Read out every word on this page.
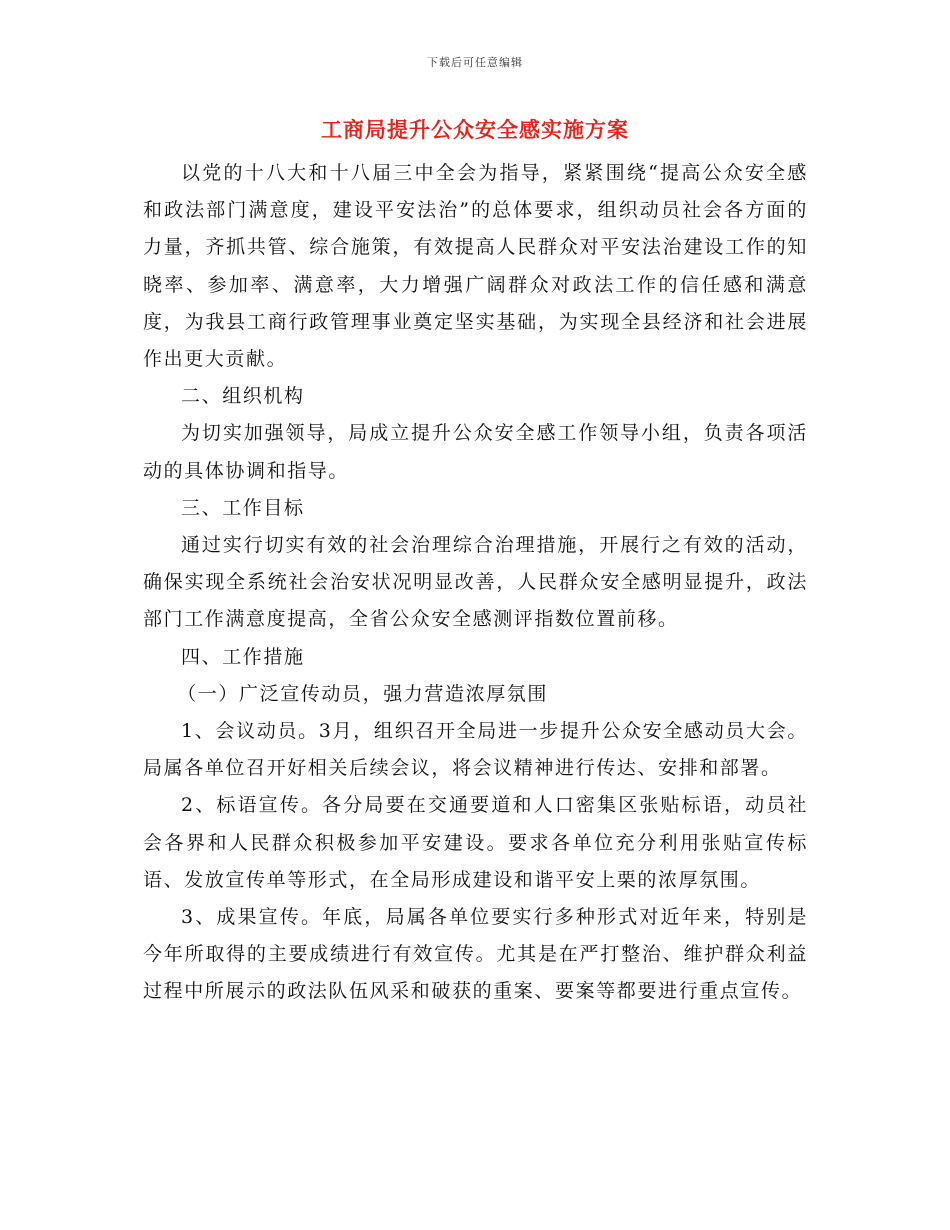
下载后可任意编辑
工商局提升公众安全感实施方案

以党的十八大和十八届三中全会为指导，紧紧围绕“提高公众安全感和政法部门满意度，建设平安法治”的总体要求，组织动员社会各方面的力量，齐抓共管、综合施策，有效提高人民群众对平安法治建设工作的知晓率、参加率、满意率，大力增强广阔群众对政法工作的信任感和满意度，为我县工商行政管理事业奠定坚实基础，为实现全县经济和社会进展作出更大贡献。

二、组织机构

为切实加强领导，局成立提升公众安全感工作领导小组，负责各项活动的具体协调和指导。

三、工作目标

通过实行切实有效的社会治理综合治理措施，开展行之有效的活动，确保实现全系统社会治安状况明显改善，人民群众安全感明显提升，政法部门工作满意度提高，全省公众安全感测评指数位置前移。

四、工作措施

（一）广泛宣传动员，强力营造浓厚氛围

1、会议动员。3月，组织召开全局进一步提升公众安全感动员大会。局属各单位召开好相关后续会议，将会议精神进行传达、安排和部署。

2、标语宣传。各分局要在交通要道和人口密集区张贴标语，动员社会各界和人民群众积极参加平安建设。要求各单位充分利用张贴宣传标语、发放宣传单等形式，在全局形成建设和谐平安上栗的浓厚氛围。

3、成果宣传。年底，局属各单位要实行多种形式对近年来，特别是今年所取得的主要成绩进行有效宣传。尤其是在严打整治、维护群众利益过程中所展示的政法队伍风采和破获的重案、要案等都要进行重点宣传。
